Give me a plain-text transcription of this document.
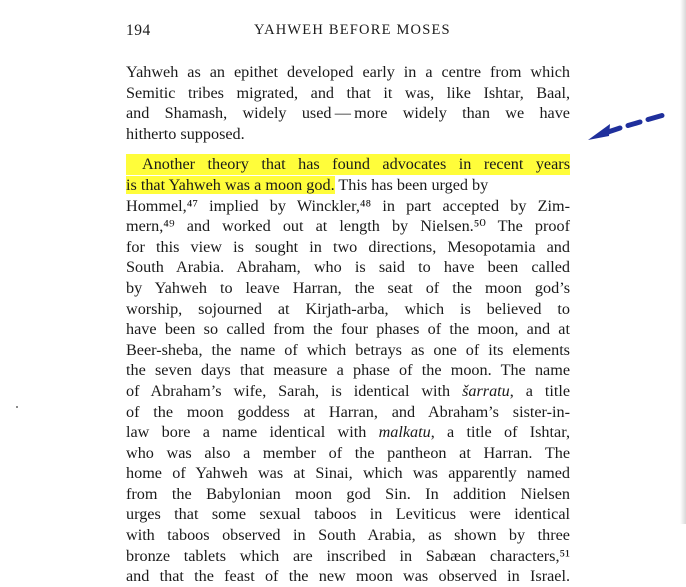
194	YAHWEH BEFORE MOSES
Yahweh as an epithet developed early in a centre from which
Semitic tribes migrated, and that it was, like Ishtar, Baal,
and Shamash, widely used — more widely than we have
hitherto supposed.
Another theory that has found advocates in recent years
is that Yahweh was a moon god. This has been urged by
Hommel,⁴⁷ implied by Winckler,⁴⁸ in part accepted by Zim-
mern,⁴⁹ and worked out at length by Nielsen.⁵⁰ The proof
for this view is sought in two directions, Mesopotamia and
South Arabia. Abraham, who is said to have been called
by Yahweh to leave Harran, the seat of the moon god’s
worship, sojourned at Kirjath-arba, which is believed to
have been so called from the four phases of the moon, and at
Beer-sheba, the name of which betrays as one of its elements
the seven days that measure a phase of the moon. The name
of Abraham’s wife, Sarah, is identical with šarratu, a title
of the moon goddess at Harran, and Abraham’s sister-in-
law bore a name identical with malkatu, a title of Ishtar,
who was also a member of the pantheon at Harran. The
home of Yahweh was at Sinai, which was apparently named
from the Babylonian moon god Sin. In addition Nielsen
urges that some sexual taboos in Leviticus were identical
with taboos observed in South Arabia, as shown by three
bronze tablets which are inscribed in Sabæan characters,⁵¹
and that the feast of the new moon was observed in Israel.
